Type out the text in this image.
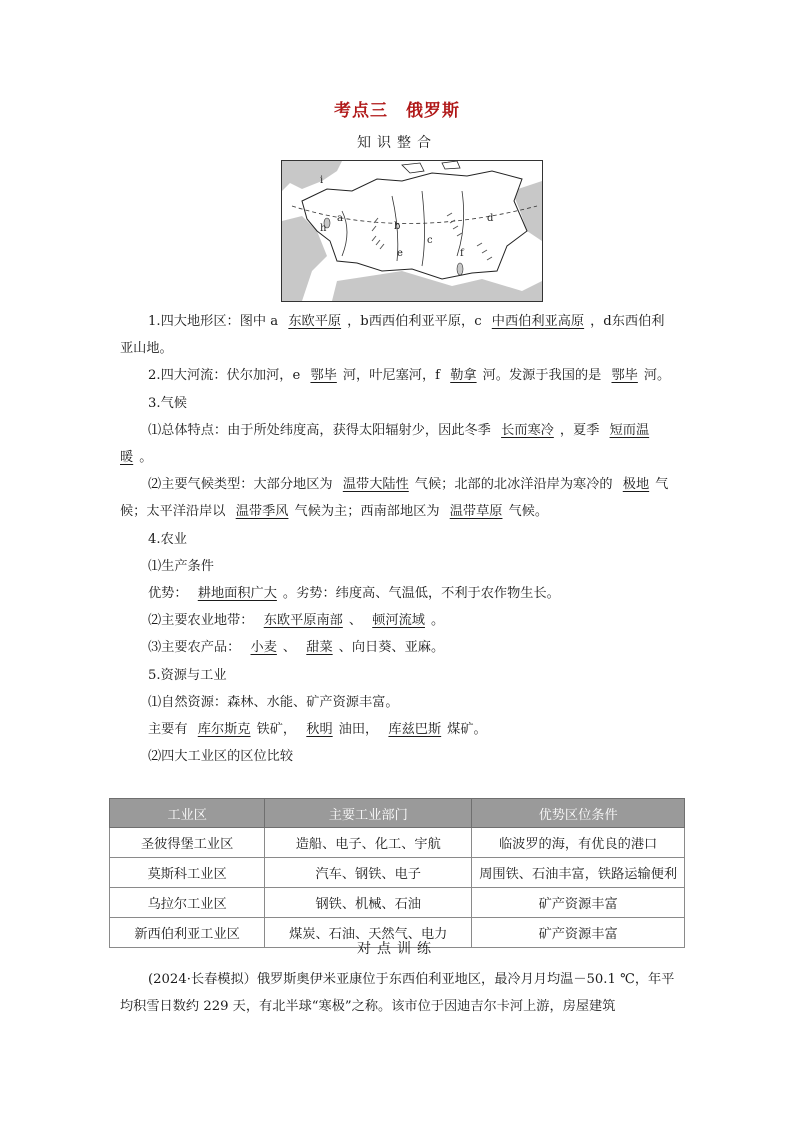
考点三　俄罗斯
知识整合
a
b
c
d
e	f
h
i

1.四大地形区：图中 a 东欧平原 ，b西西伯利亚平原，c 中西伯利亚高原 ，d东西伯利亚山地。

2.四大河流：伏尔加河，e 鄂毕 河，叶尼塞河，f 勒拿 河。发源于我国的是 鄂毕 河。

3.气候

⑴总体特点：由于所处纬度高，获得太阳辐射少，因此冬季 长而寒冷 ，夏季 短而温暖 。

⑵主要气候类型：大部分地区为 温带大陆性 气候；北部的北冰洋沿岸为寒冷的 极地 气候；太平洋沿岸以 温带季风 气候为主；西南部地区为 温带草原 气候。

4.农业

⑴生产条件

优势： 耕地面积广大 。劣势：纬度高、气温低，不利于农作物生长。

⑵主要农业地带： 东欧平原南部 、 顿河流域 。

⑶主要农产品： 小麦 、 甜菜 、向日葵、亚麻。

5.资源与工业

⑴自然资源：森林、水能、矿产资源丰富。

主要有 库尔斯克 铁矿， 秋明 油田， 库兹巴斯 煤矿。

⑵四大工业区的区位比较

工业区	主要工业部门	优势区位条件
圣彼得堡工业区	造船、电子、化工、宇航	临波罗的海，有优良的港口
莫斯科工业区	汽车、钢铁、电子	周围铁、石油丰富，铁路运输便利
乌拉尔工业区	钢铁、机械、石油	矿产资源丰富
新西伯利亚工业区	煤炭、石油、天然气、电力	矿产资源丰富
对点训练

(2024·长春模拟）俄罗斯奥伊米亚康位于东西伯利亚地区，最冷月月均温－50.1 ℃，年平均积雪日数约 229 天，有北半球“寒极”之称。该市位于因迪吉尔卡河上游，房屋建筑
